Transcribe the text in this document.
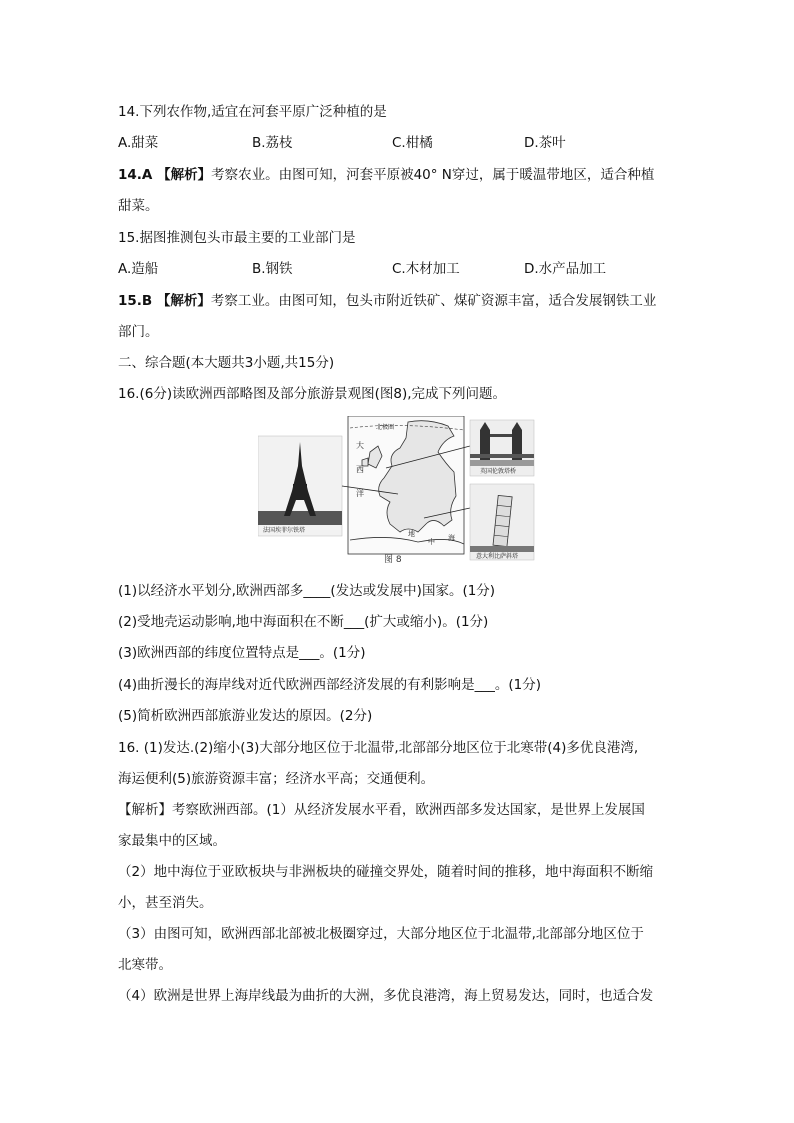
14.下列农作物,适宜在河套平原广泛种植的是
A.甜菜	B.荔枝	C.柑橘	D.茶叶
14.A 【解析】考察农业。由图可知，河套平原被40° N穿过，属于暖温带地区，适合种植
甜菜。
15.据图推测包头市最主要的工业部门是
A.造船	B.钢铁	C.木材加工	D.水产品加工
15.B 【解析】考察工业。由图可知，包头市附近铁矿、煤矿资源丰富，适合发展钢铁工业
部门。
二、综合题(本大题共3小题,共15分)
16.(6分)读欧洲西部略图及部分旅游景观图(图8),完成下列问题。
法国埃菲尔铁塔
北极圈
大
西
洋
地
中 海
英国伦敦塔桥
意大利比萨斜塔
图 8
(1)以经济水平划分,欧洲西部多____(发达或发展中)国家。(1分)
(2)受地壳运动影响,地中海面积在不断___(扩大或缩小)。(1分)
(3)欧洲西部的纬度位置特点是___。(1分)
(4)曲折漫长的海岸线对近代欧洲西部经济发展的有利影响是___。(1分)
(5)简析欧洲西部旅游业发达的原因。(2分)
16. (1)发达.(2)缩小(3)大部分地区位于北温带,北部部分地区位于北寒带(4)多优良港湾,
海运便利(5)旅游资源丰富；经济水平高；交通便利。
【解析】考察欧洲西部。(1）从经济发展水平看，欧洲西部多发达国家，是世界上发展国
家最集中的区域。
（2）地中海位于亚欧板块与非洲板块的碰撞交界处，随着时间的推移，地中海面积不断缩
小，甚至消失。
（3）由图可知，欧洲西部北部被北极圈穿过，大部分地区位于北温带,北部部分地区位于
北寒带。
（4）欧洲是世界上海岸线最为曲折的大洲，多优良港湾，海上贸易发达，同时，也适合发
